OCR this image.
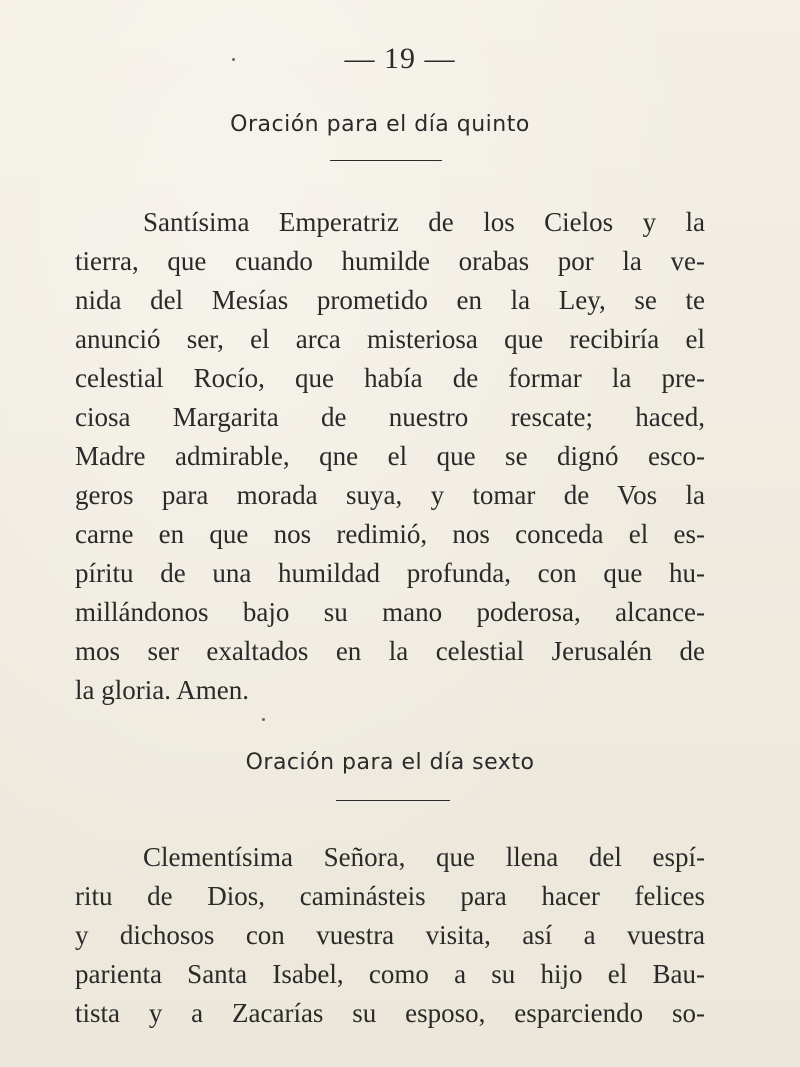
— 19 —
Oración para el día quinto
Santísima Emperatriz de los Cielos y la
tierra, que cuando humilde orabas por la ve-
nida del Mesías prometido en la Ley, se te
anunció ser, el arca misteriosa que recibiría el
celestial Rocío, que había de formar la pre-
ciosa Margarita de nuestro rescate; haced,
Madre admirable, qne el que se dignó esco-
geros para morada suya, y tomar de Vos la
carne en que nos redimió, nos conceda el es-
píritu de una humildad profunda, con que hu-
millándonos bajo su mano poderosa, alcance-
mos ser exaltados en la celestial Jerusalén de
la gloria. Amen.
Oración para el día sexto
Clementísima Señora, que llena del espí-
ritu de Dios, caminásteis para hacer felices
y dichosos con vuestra visita, así a vuestra
parienta Santa Isabel, como a su hijo el Bau-
tista y a Zacarías su esposo, esparciendo so-
